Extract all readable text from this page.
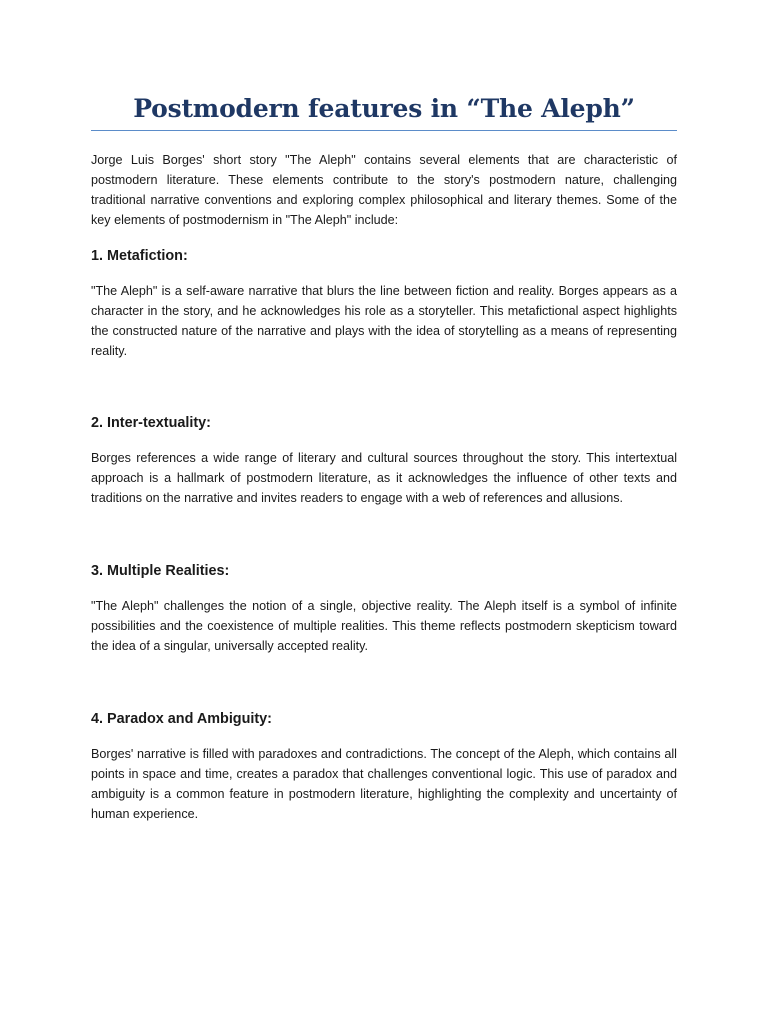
Postmodern features in “The Aleph”

Jorge Luis Borges' short story "The Aleph" contains several elements that are characteristic of postmodern literature. These elements contribute to the story's postmodern nature, challenging traditional narrative conventions and exploring complex philosophical and literary themes. Some of the key elements of postmodernism in "The Aleph" include:

1. Metafiction:

"The Aleph" is a self-aware narrative that blurs the line between fiction and reality. Borges appears as a character in the story, and he acknowledges his role as a storyteller. This metafictional aspect highlights the constructed nature of the narrative and plays with the idea of storytelling as a means of representing reality.

2. Inter-textuality:

Borges references a wide range of literary and cultural sources throughout the story. This intertextual approach is a hallmark of postmodern literature, as it acknowledges the influence of other texts and traditions on the narrative and invites readers to engage with a web of references and allusions.

3. Multiple Realities:

"The Aleph" challenges the notion of a single, objective reality. The Aleph itself is a symbol of infinite possibilities and the coexistence of multiple realities. This theme reflects postmodern skepticism toward the idea of a singular, universally accepted reality.

4. Paradox and Ambiguity:

Borges' narrative is filled with paradoxes and contradictions. The concept of the Aleph, which contains all points in space and time, creates a paradox that challenges conventional logic. This use of paradox and ambiguity is a common feature in postmodern literature, highlighting the complexity and uncertainty of human experience.
